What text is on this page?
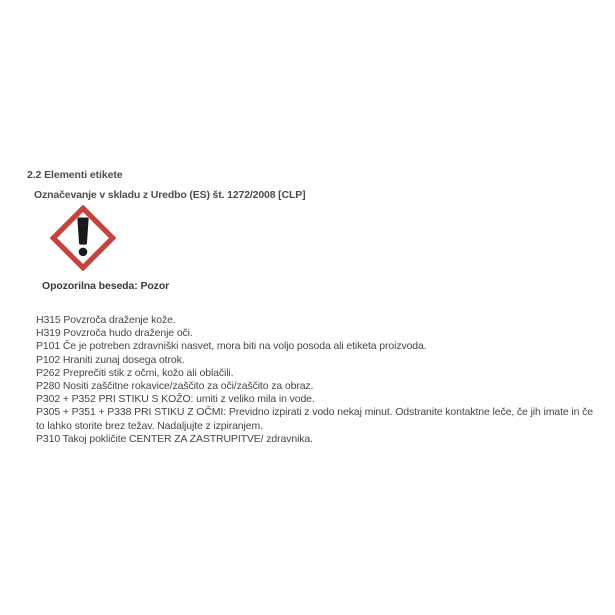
2.2 Elementi etikete
Označevanje v skladu z Uredbo (ES) št. 1272/2008 [CLP]
Opozorilna beseda: Pozor
H315 Povzroča draženje kože.
H319 Povzroča hudo draženje oči.
P101 Če je potreben zdravniški nasvet, mora biti na voljo posoda ali etiketa proizvoda.
P102 Hraniti zunaj dosega otrok.
P262 Preprečiti stik z očmi, kožo ali oblačili.
P280 Nositi zaščitne rokavice/zaščito za oči/zaščito za obraz.
P302 + P352 PRI STIKU S KOŽO: umiti z veliko mila in vode.
P305 + P351 + P338 PRI STIKU Z OČMI: Previdno izpirati z vodo nekaj minut. Odstranite kontaktne leče, če jih imate in če to lahko storite brez težav. Nadaljujte z izpiranjem.
P310 Takoj pokličite CENTER ZA ZASTRUPITVE/ zdravnika.
